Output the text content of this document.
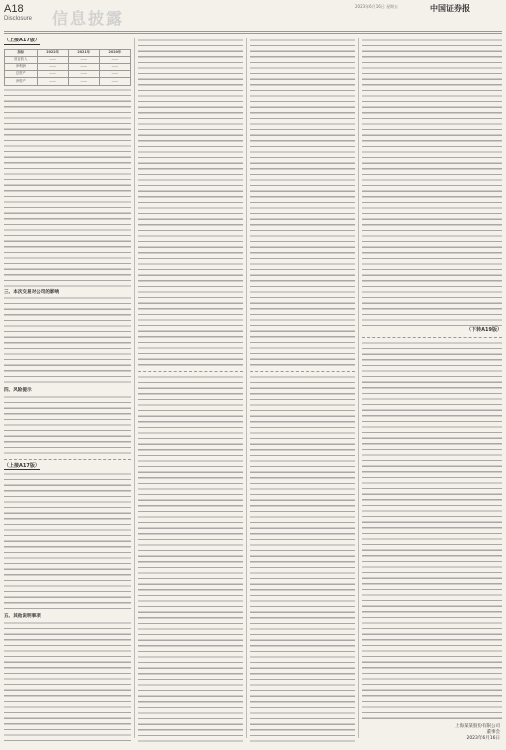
A18
Disclosure 信息披露
2023年6月16日 星期五	中国证券报
（上接A17版）
指标	2022年	2021年	2020年
营业收入	——	——	——
净利润	——	——	——
总资产	——	——	——
净资产	——	——	——
三、本次交易对公司的影响
四、风险提示
（上接A17版）
五、其他说明事项
（下转A19版）
上海某某股份有限公司
董事会
2023年6月16日
